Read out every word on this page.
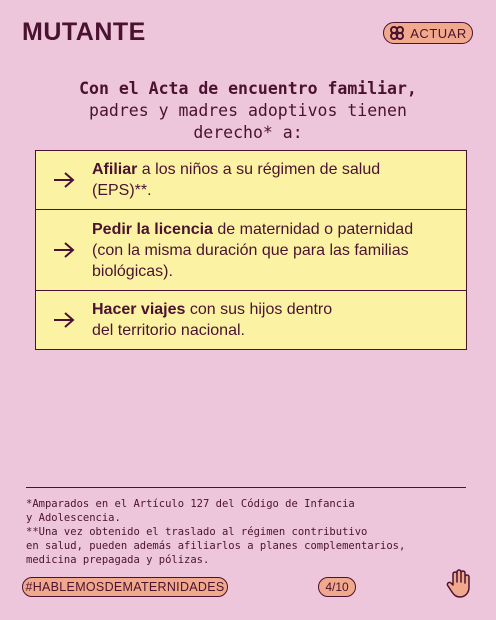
MUTANTE	ACTUAR
Con el Acta de encuentro familiar,
padres y madres adoptivos tienen
derecho* a:
Afiliar a los niños a su régimen de salud
(EPS)**.
Pedir la licencia de maternidad o paternidad
(con la misma duración que para las familias
biológicas).
Hacer viajes con sus hijos dentro
del territorio nacional.
*Amparados en el Artículo 127 del Código de Infancia
y Adolescencia.
**Una vez obtenido el traslado al régimen contributivo
en salud, pueden además afiliarlos a planes complementarios,
medicina prepagada y pólizas.
#HABLEMOSDEMATERNIDADES	4/10
